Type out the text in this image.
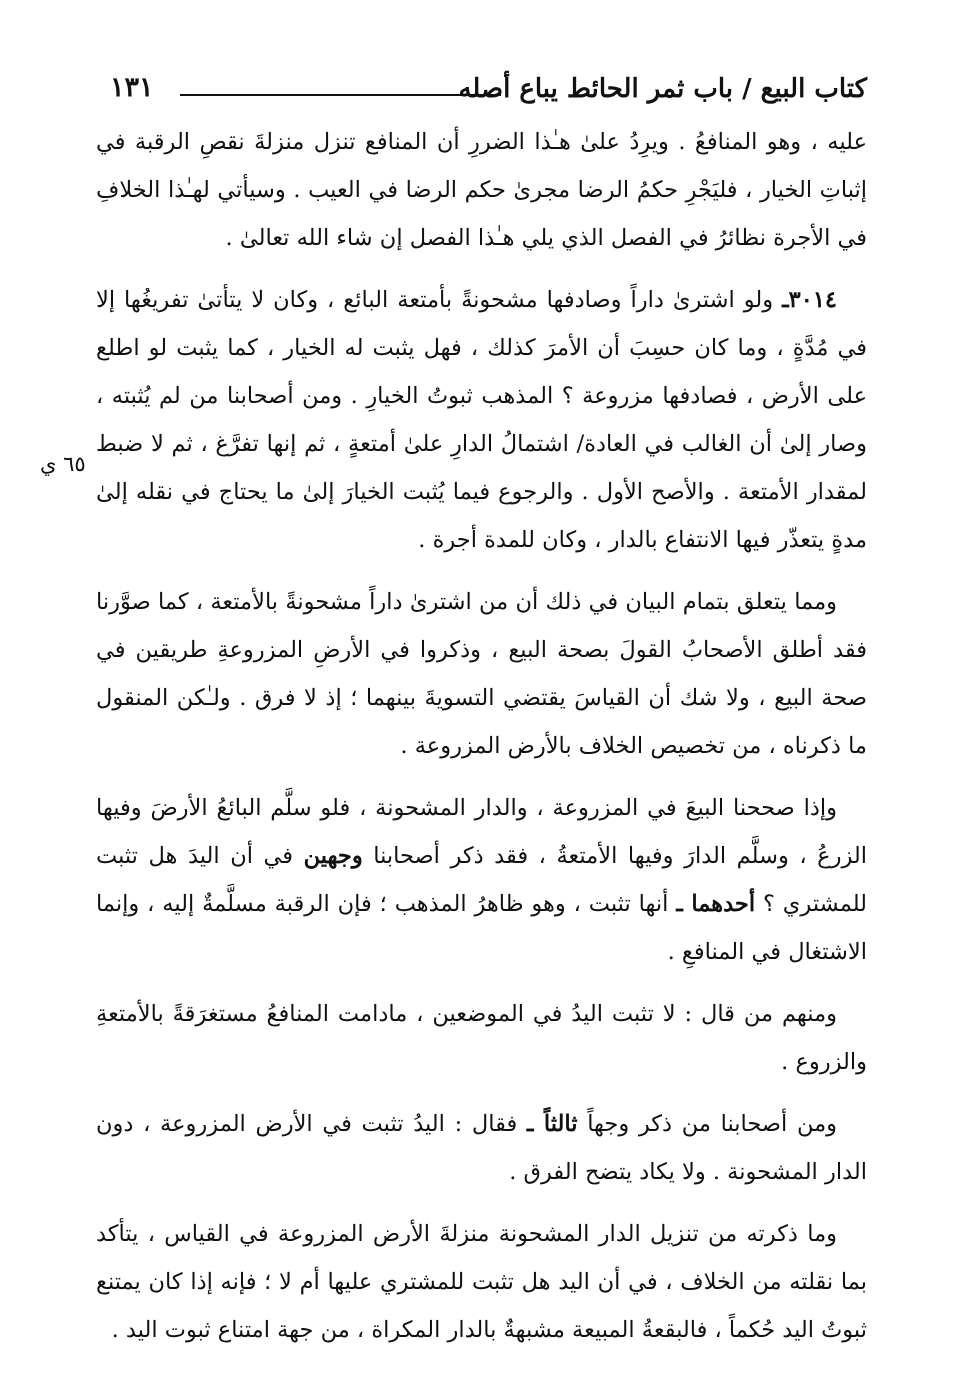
كتاب البيع / باب ثمر الحائط يباع أصله
١٣١
٦٥ ي

عليه ، وهو المنافعُ . ويرِدُ علىٰ هـٰذا الضررِ أن المنافع تنزل منزلةَ نقصِ الرقبة في إثباتِ الخيار ، فليَجْرِ حكمُ الرضا مجرىٰ حكم الرضا في العيب . وسيأتي لهـٰذا الخلافِ في الأجرة نظائرُ في الفصل الذي يلي هـٰذا الفصل إن شاء الله تعالىٰ .

٣٠١٤ـ ولو اشترىٰ داراً وصادفها مشحونةً بأمتعة البائع ، وكان لا يتأتىٰ تفريغُها إلا في مُدَّةٍ ، وما كان حسِبَ أن الأمرَ كذلك ، فهل يثبت له الخيار ، كما يثبت لو اطلع على الأرض ، فصادفها مزروعة ؟ المذهب ثبوتُ الخيارِ . ومن أصحابنا من لم يُثبته ، وصار إلىٰ أن الغالب في العادة/ اشتمالُ الدارِ علىٰ أمتعةٍ ، ثم إنها تفرَّغ ، ثم لا ضبط لمقدار الأمتعة . والأصح الأول . والرجوع فيما يُثبت الخيارَ إلىٰ ما يحتاج في نقله إلىٰ مدةٍ يتعذّر فيها الانتفاع بالدار ، وكان للمدة أجرة .

ومما يتعلق بتمام البيان في ذلك أن من اشترىٰ داراً مشحونةً بالأمتعة ، كما صوَّرنا فقد أطلق الأصحابُ القولَ بصحة البيع ، وذكروا في الأرضِ المزروعةِ طريقين في صحة البيع ، ولا شك أن القياسَ يقتضي التسويةَ بينهما ؛ إذ لا فرق . ولـٰكن المنقول ما ذكرناه ، من تخصيص الخلاف بالأرض المزروعة .

وإذا صححنا البيعَ في المزروعة ، والدار المشحونة ، فلو سلَّم البائعُ الأرضَ وفيها الزرعُ ، وسلَّم الدارَ وفيها الأمتعةُ ، فقد ذكر أصحابنا وجهين في أن اليدَ هل تثبت للمشتري ؟ أحدهما ـ أنها تثبت ، وهو ظاهرُ المذهب ؛ فإن الرقبة مسلَّمةٌ إليه ، وإنما الاشتغال في المنافعِ .

ومنهم من قال : لا تثبت اليدُ في الموضعين ، مادامت المنافعُ مستغرَقةً بالأمتعةِ والزروع .

ومن أصحابنا من ذكر وجهاً ثالثاً ـ فقال : اليدُ تثبت في الأرض المزروعة ، دون الدار المشحونة . ولا يكاد يتضح الفرق .

وما ذكرته من تنزيل الدار المشحونة منزلةَ الأرض المزروعة في القياس ، يتأكد بما نقلته من الخلاف ، في أن اليد هل تثبت للمشتري عليها أم لا ؛ فإنه إذا كان يمتنع ثبوتُ اليد حُكماً ، فالبقعةُ المبيعة مشبهةٌ بالدار المكراة ، من جهة امتناع ثبوت اليد .
